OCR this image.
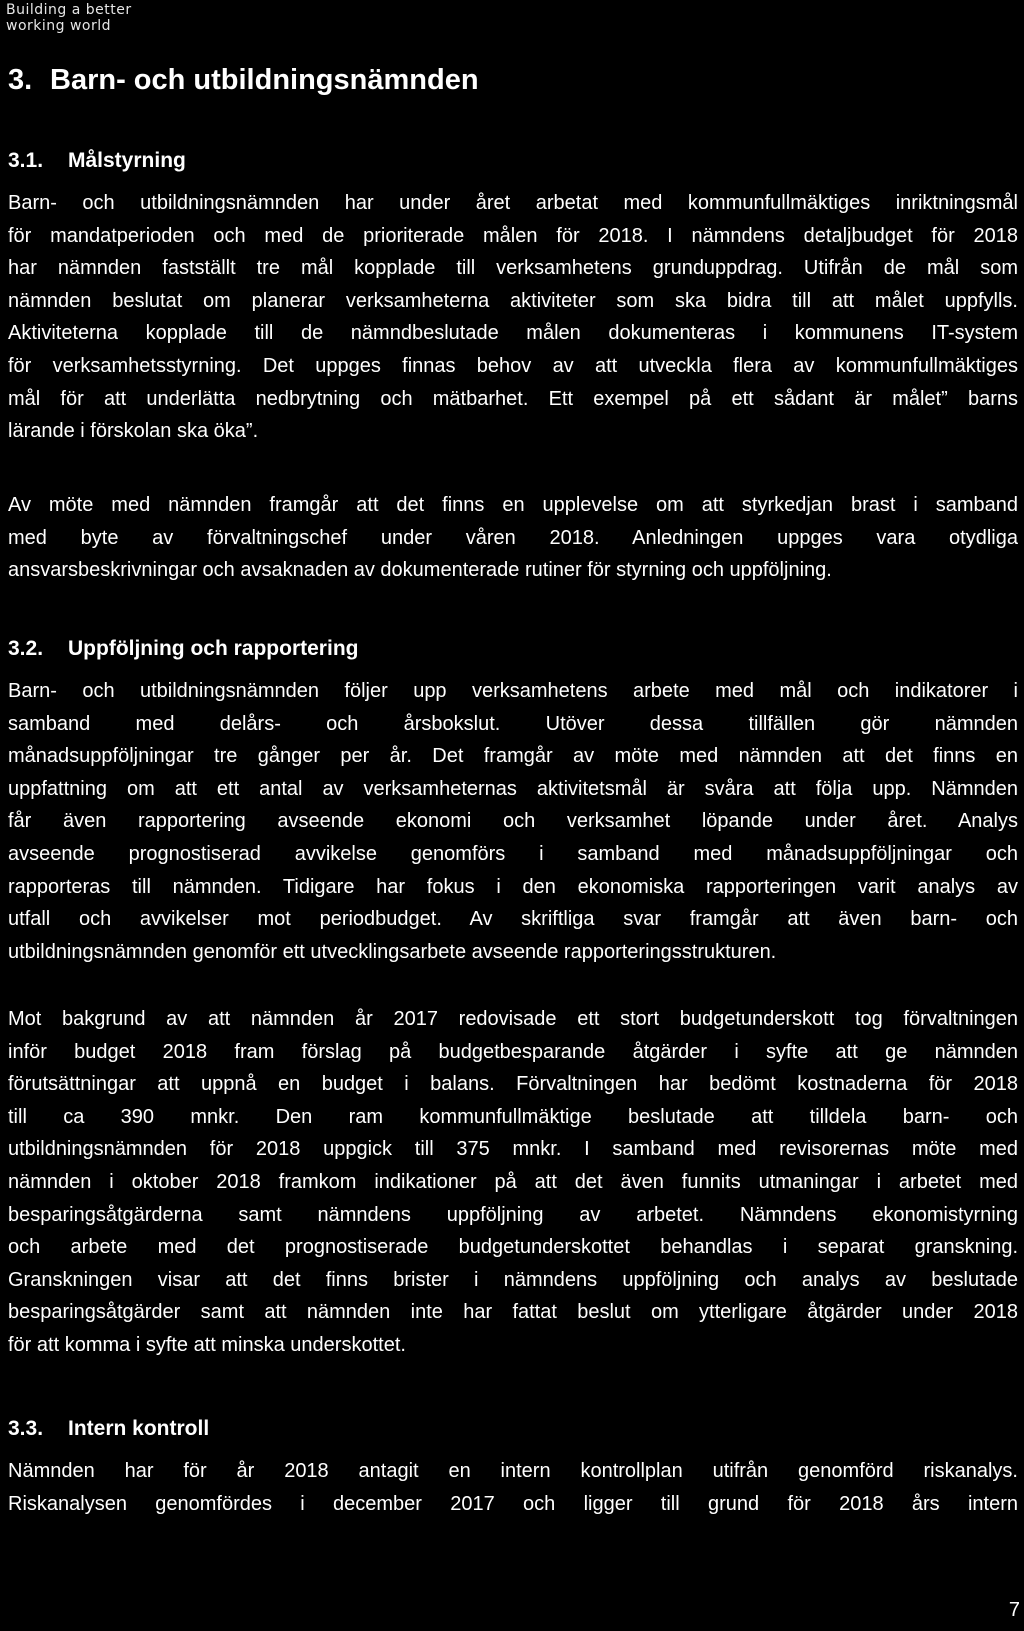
Building a better
working world
3. Barn- och utbildningsnämnden
3.1. Målstyrning

Barn- och utbildningsnämnden har under året arbetat med kommunfullmäktiges inriktningsmål
för mandatperioden och med de prioriterade målen för 2018. I nämndens detaljbudget för 2018
har nämnden fastställt tre mål kopplade till verksamhetens grunduppdrag. Utifrån de mål som
nämnden beslutat om planerar verksamheterna aktiviteter som ska bidra till att målet uppfylls.
Aktiviteterna kopplade till de nämndbeslutade målen dokumenteras i kommunens IT-system
för verksamhetsstyrning. Det uppges finnas behov av att utveckla flera av kommunfullmäktiges
mål för att underlätta nedbrytning och mätbarhet. Ett exempel på ett sådant är målet” barns
lärande i förskolan ska öka”.

Av möte med nämnden framgår att det finns en upplevelse om att styrkedjan brast i samband
med byte av förvaltningschef under våren 2018. Anledningen uppges vara otydliga
ansvarsbeskrivningar och avsaknaden av dokumenterade rutiner för styrning och uppföljning.

3.2. Uppföljning och rapportering

Barn- och utbildningsnämnden följer upp verksamhetens arbete med mål och indikatorer i
samband med delårs- och årsbokslut. Utöver dessa tillfällen gör nämnden
månadsuppföljningar tre gånger per år. Det framgår av möte med nämnden att det finns en
uppfattning om att ett antal av verksamheternas aktivitetsmål är svåra att följa upp. Nämnden
får även rapportering avseende ekonomi och verksamhet löpande under året. Analys
avseende prognostiserad avvikelse genomförs i samband med månadsuppföljningar och
rapporteras till nämnden. Tidigare har fokus i den ekonomiska rapporteringen varit analys av
utfall och avvikelser mot periodbudget. Av skriftliga svar framgår att även barn- och
utbildningsnämnden genomför ett utvecklingsarbete avseende rapporteringsstrukturen.

Mot bakgrund av att nämnden år 2017 redovisade ett stort budgetunderskott tog förvaltningen
inför budget 2018 fram förslag på budgetbesparande åtgärder i syfte att ge nämnden
förutsättningar att uppnå en budget i balans. Förvaltningen har bedömt kostnaderna för 2018
till ca 390 mnkr. Den ram kommunfullmäktige beslutade att tilldela barn- och
utbildningsnämnden för 2018 uppgick till 375 mnkr. I samband med revisorernas möte med
nämnden i oktober 2018 framkom indikationer på att det även funnits utmaningar i arbetet med
besparingsåtgärderna samt nämndens uppföljning av arbetet. Nämndens ekonomistyrning
och arbete med det prognostiserade budgetunderskottet behandlas i separat granskning.
Granskningen visar att det finns brister i nämndens uppföljning och analys av beslutade
besparingsåtgärder samt att nämnden inte har fattat beslut om ytterligare åtgärder under 2018
för att komma i syfte att minska underskottet.

3.3. Intern kontroll

Nämnden har för år 2018 antagit en intern kontrollplan utifrån genomförd riskanalys.
Riskanalysen genomfördes i december 2017 och ligger till grund för 2018 års intern

7
